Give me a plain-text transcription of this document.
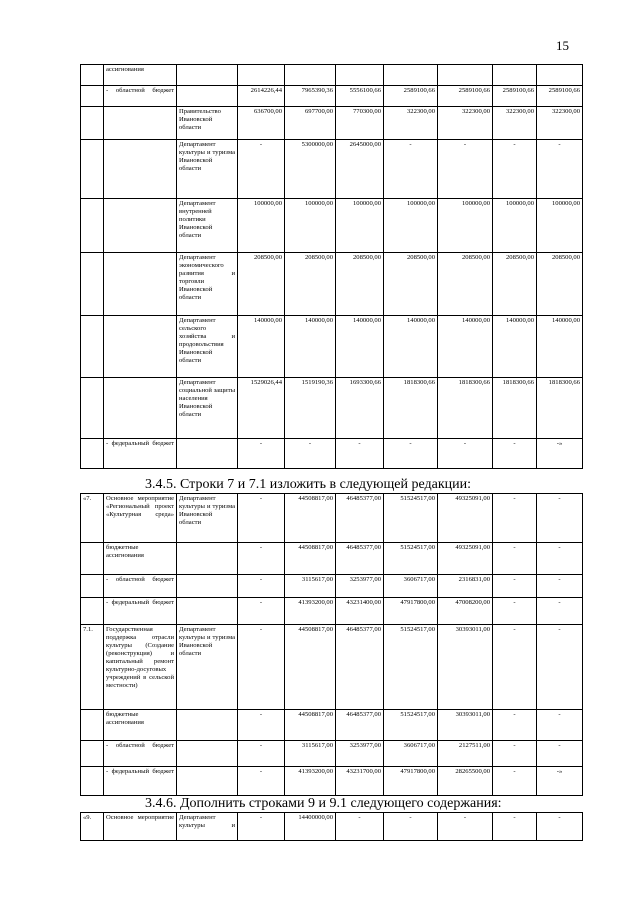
15
	ассигнования								
	- областной бюджет		2614226,44	7965390,36	5556100,66	2589100,66	2589100,66	2589100,66	2589100,66
		Правительство Ивановской области	636700,00	697700,00	770300,00	322300,00	322300,00	322300,00	322300,00
		Департамент культуры и туризма Ивановской области	-	5300000,00	2645000,00	-	-	-	-
		Департамент внутренней политики Ивановской области	100000,00	100000,00	100000,00	100000,00	100000,00	100000,00	100000,00
		Департамент экономического развития и торговли Ивановской области	208500,00	208500,00	208500,00	208500,00	208500,00	208500,00	208500,00
		Департамент сельского хозяйства и продовольствия Ивановской области	140000,00	140000,00	140000,00	140000,00	140000,00	140000,00	140000,00
		Департамент социальной защиты населения Ивановской области	1529026,44	1519190,36	1693300,66	1818300,66	1818300,66	1818300,66	1818300,66
	- федеральный бюджет		-	-	-	-	-	-	-»
3.4.5. Строки 7 и 7.1 изложить в следующей редакции:
«7.	Основное мероприятие «Региональный проект «Культурная среда»	Департамент культуры и туризма Ивановской области	-	44508817,00	46485377,00	51524517,00	49325091,00	-	-
	бюджетные ассигнования		-	44508817,00	46485377,00	51524517,00	49325091,00	-	-
	- областной бюджет		-	3115617,00	3253977,00	3606717,00	2316831,00	-	-
	- федеральный бюджет		-	41393200,00	43231400,00	47917800,00	47008200,00	-	-
7.1.	Государственная поддержка отрасли культуры (Создание (реконструкция) и капитальный ремонт культурно-досуговых учреждений в сельской местности)	Департамент культуры и туризма Ивановской области	-	44508817,00	46485377,00	51524517,00	30393011,00	-	-
	бюджетные ассигнования		-	44508817,00	46485377,00	51524517,00	30393011,00	-	-
	- областной бюджет		-	3115617,00	3253977,00	3606717,00	2127511,00	-	-
	- федеральный бюджет		-	41393200,00	43231700,00	47917800,00	28265500,00	-	-»
3.4.6. Дополнить строками 9 и 9.1 следующего содержания:
«9.	Основное мероприятие	Департамент культуры и	-	14400000,00	-	-	-	-	-
